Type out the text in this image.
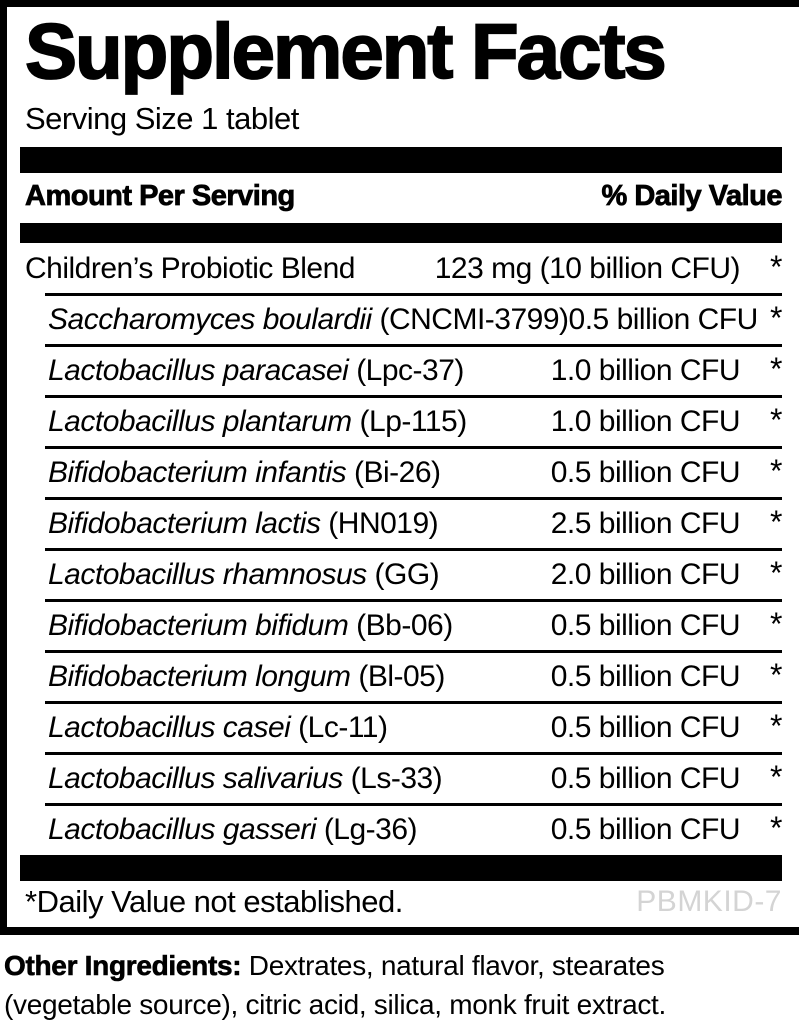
Supplement Facts
Serving Size 1 tablet
Amount Per Serving	% Daily Value
Children’s Probiotic Blend	123 mg (10 billion CFU) *
Saccharomyces boulardii (CNCMI-3799) 0.5 billion CFU *
Lactobacillus paracasei (Lpc-37)	1.0 billion CFU *
Lactobacillus plantarum (Lp-115)	1.0 billion CFU *
Bifidobacterium infantis (Bi-26)	0.5 billion CFU *
Bifidobacterium lactis (HN019)	2.5 billion CFU *
Lactobacillus rhamnosus (GG)	2.0 billion CFU *
Bifidobacterium bifidum (Bb-06)	0.5 billion CFU *
Bifidobacterium longum (Bl-05)	0.5 billion CFU *
Lactobacillus casei (Lc-11)	0.5 billion CFU *
Lactobacillus salivarius (Ls-33)	0.5 billion CFU *
Lactobacillus gasseri (Lg-36)	0.5 billion CFU *
*Daily Value not established.	PBMKID-7
Other Ingredients: Dextrates, natural flavor, stearates
(vegetable source), citric acid, silica, monk fruit extract.
